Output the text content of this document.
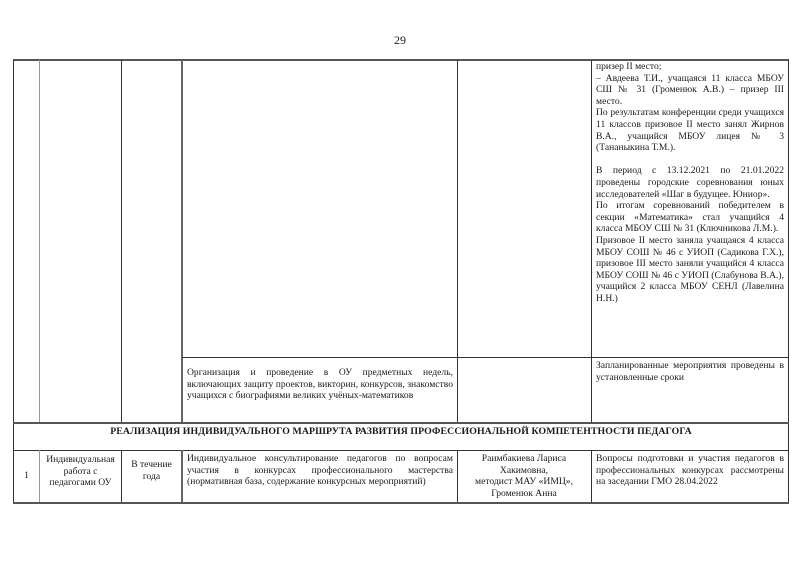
29

призер II место;

– Авдеева Т.И., учащаяся 11 класса МБОУ СШ № 31 (Громенюк А.В.) – призер III место.

По результатам конференции среди учащихся 11 классов призовое II место занял Жирнов В.А., учащийся МБОУ лицея № 3 (Тананыкина Т.М.).

В период с 13.12.2021 по 21.01.2022 проведены городские соревнования юных исследователей «Шаг в будущее. Юниор».

По итогам соревнований победителем в секции «Математика» стал учащийся 4 класса МБОУ СШ № 31 (Ключникова Л.М.).

Призовое II место заняла учащаяся 4 класса МБОУ СОШ № 46 с УИОП (Садикова Г.Х.), призовое III место заняли учащийся 4 класса МБОУ СОШ № 46 с УИОП (Слабунова В.А.), учащийся 2 класса МБОУ СЕНЛ (Лавелина Н.Н.)

Организация и проведение в ОУ предметных недель, включающих защиту проектов, викторин, конкурсов, знакомство учащихся с биографиями великих учёных-математиков
Запланированные мероприятия проведены в установленные сроки
РЕАЛИЗАЦИЯ ИНДИВИДУАЛЬНОГО МАРШРУТА РАЗВИТИЯ ПРОФЕССИОНАЛЬНОЙ КОМПЕТЕНТНОСТИ ПЕДАГОГА
1
Индивидуальная работа с педагогами ОУ
В течение года
Индивидуальное консультирование педагогов по вопросам участия в конкурсах профессионального мастерства (нормативная база, содержание конкурсных мероприятий)
Раимбакиева Лариса
Хакимовна,
методист МАУ «ИМЦ»,
Громенюк Анна
Вопросы подготовки и участия педагогов в профессиональных конкурсах рассмотрены на заседании ГМО 28.04.2022
